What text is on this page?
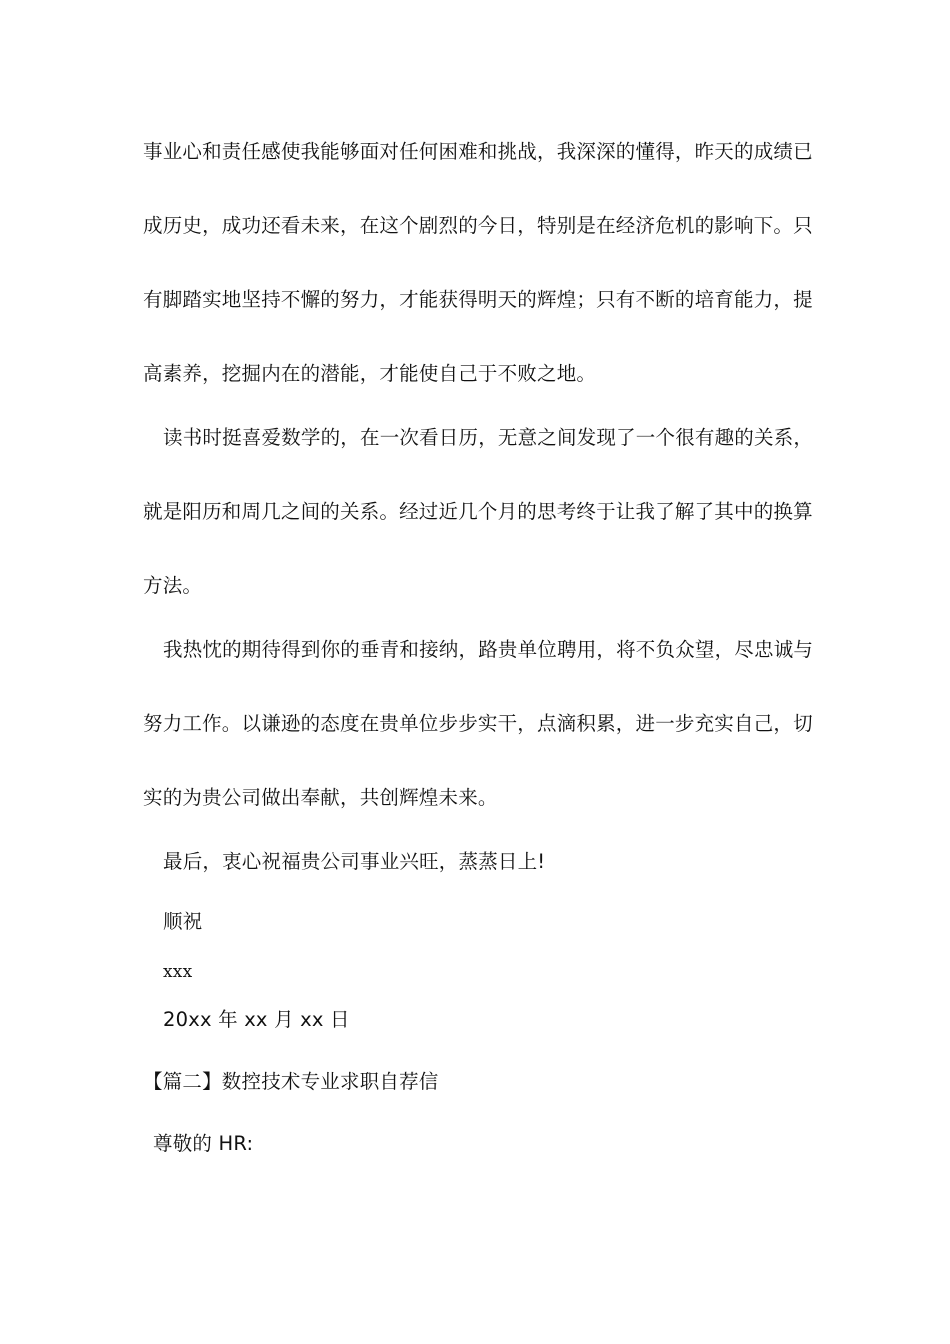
事业心和责任感使我能够面对任何困难和挑战，我深深的懂得，昨天的成绩已
成历史，成功还看未来，在这个剧烈的今日，特别是在经济危机的影响下。只
有脚踏实地坚持不懈的努力，才能获得明天的辉煌；只有不断的培育能力，提
高素养，挖掘内在的潜能，才能使自己于不败之地。
读书时挺喜爱数学的，在一次看日历，无意之间发现了一个很有趣的关系，
就是阳历和周几之间的关系。经过近几个月的思考终于让我了解了其中的换算
方法。
我热忱的期待得到你的垂青和接纳，路贵单位聘用，将不负众望，尽忠诚与
努力工作。以谦逊的态度在贵单位步步实干，点滴积累，进一步充实自己，切
实的为贵公司做出奉献，共创辉煌未来。
最后，衷心祝福贵公司事业兴旺，蒸蒸日上!
顺祝
xxx
20xx 年 xx 月 xx 日
【篇二】数控技术专业求职自荐信
尊敬的 HR:
